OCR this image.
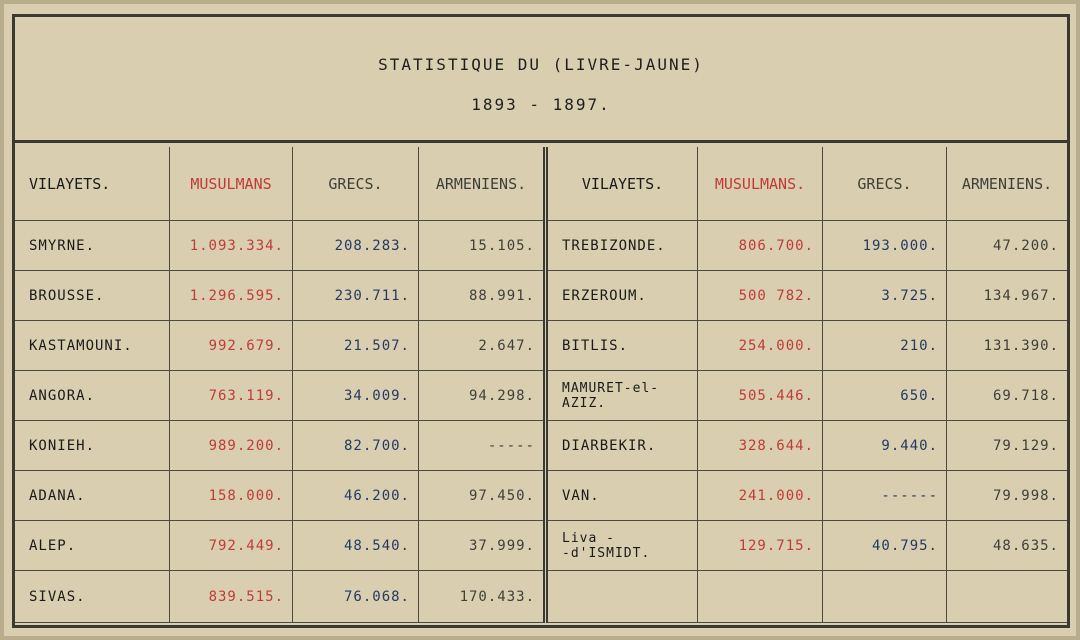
STATISTIQUE DU (LIVRE-JAUNE)
1893 - 1897.
VILAYETS.	MUSULMANS	GRECS.	ARMENIENS.
SMYRNE.	1.093.334.	208.283.	15.105.
BROUSSE.	1.296.595.	230.711.	88.991.
KASTAMOUNI.	992.679.	21.507.	2.647.
ANGORA.	763.119.	34.009.	94.298.
KONIEH.	989.200.	82.700.	-----
ADANA.	158.000.	46.200.	97.450.
ALEP.	792.449.	48.540.	37.999.
SIVAS.	839.515.	76.068.	170.433.
VILAYETS.	MUSULMANS.	GRECS.	ARMENIENS.
TREBIZONDE.	806.700.	193.000.	47.200.
ERZEROUM.	500 782.	3.725.	134.967.
BITLIS.	254.000.	210.	131.390.
MAMURET-el-
AZIZ.	505.446.	650.	69.718.
DIARBEKIR.	328.644.	9.440.	79.129.
VAN.	241.000.	------	79.998.
Liva -
-d'ISMIDT.	129.715.	40.795.	48.635.
